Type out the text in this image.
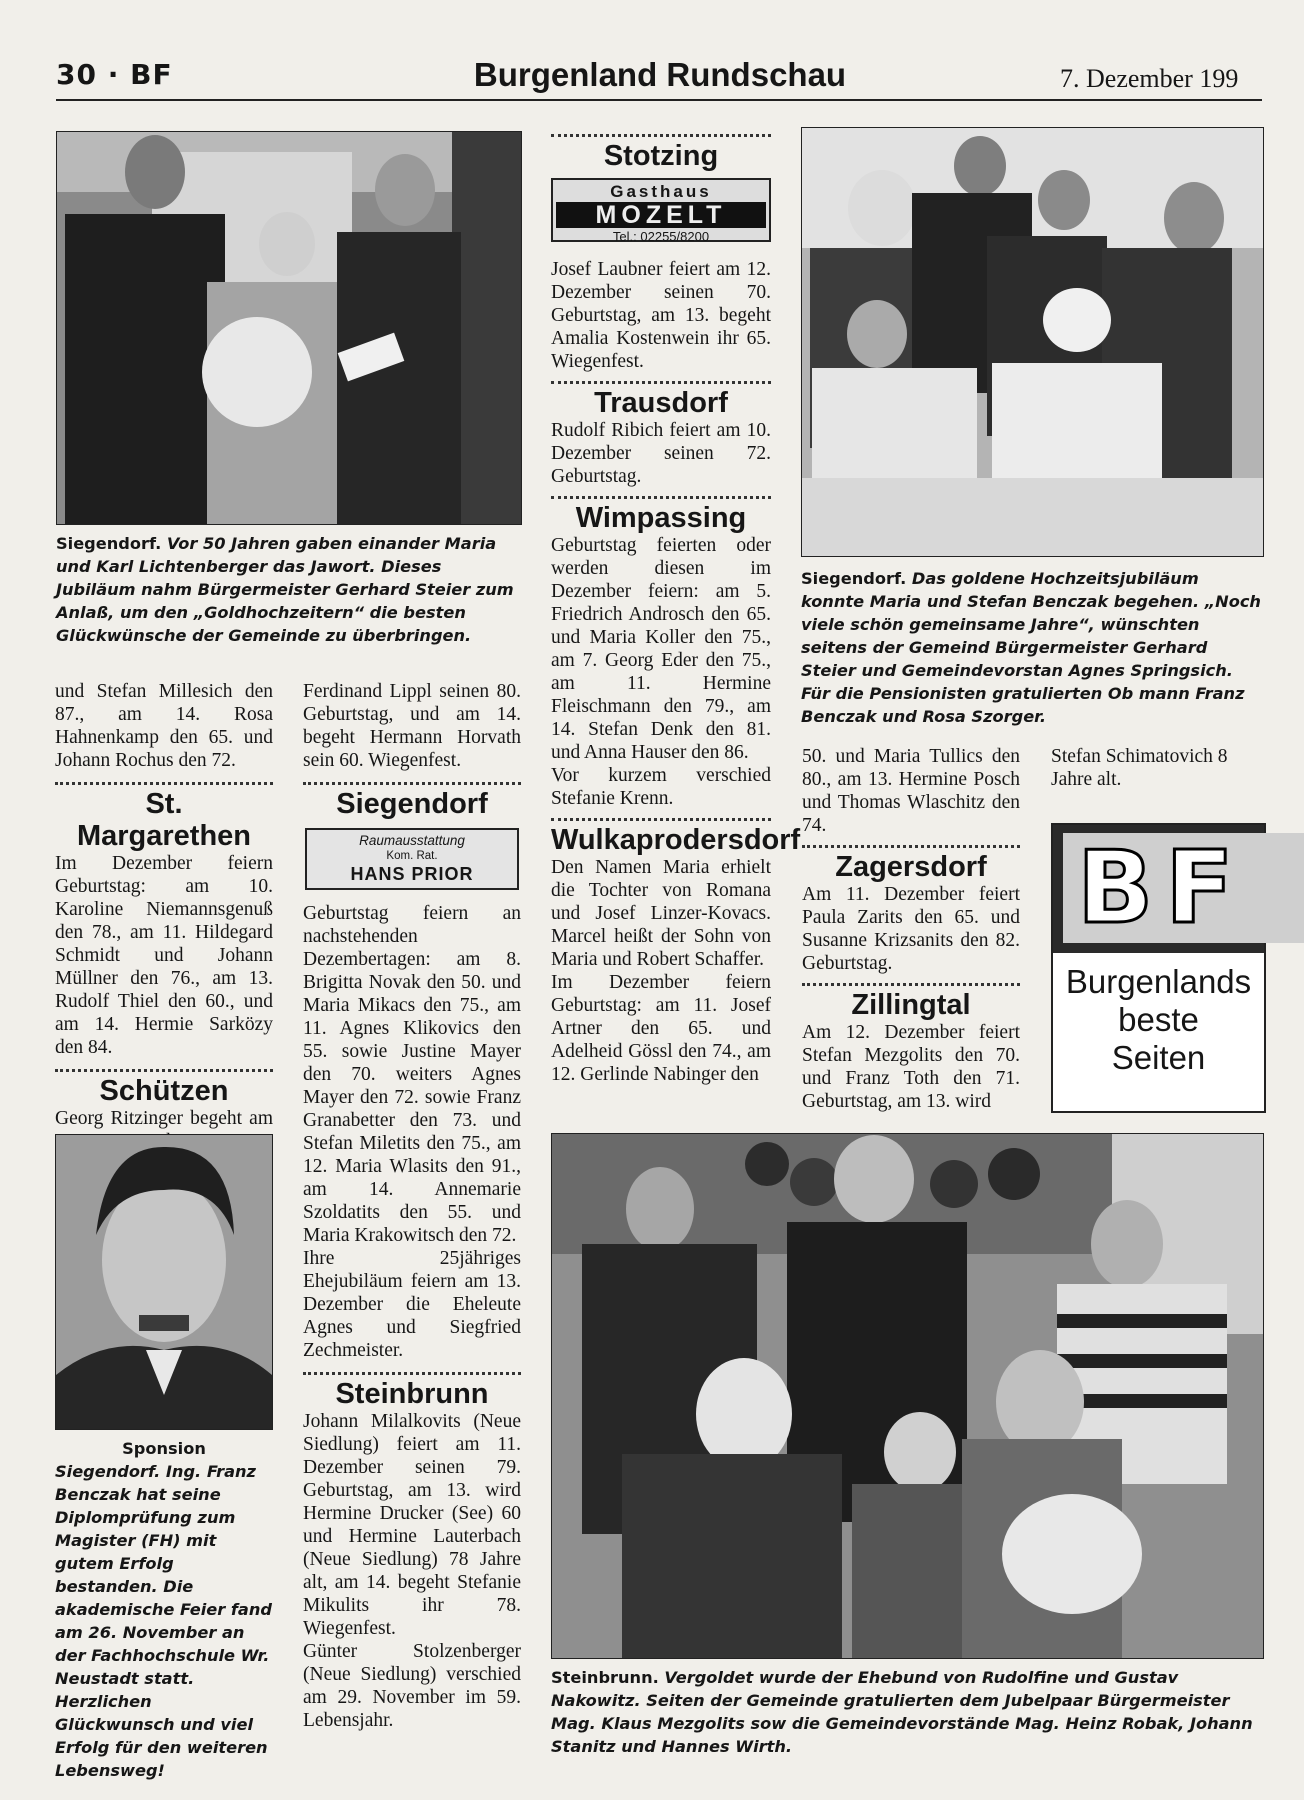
30 · BF	Burgenland Rundschau	7. Dezember 199
Siegendorf. Vor 50 Jahren gaben einander Maria und Karl Lichtenberger das Jawort. Dieses Jubiläum nahm Bürgermeister Gerhard Steier zum Anlaß, um den „Goldhochzeitern“ die besten Glückwünsche der Gemeinde zu überbringen.

und Stefan Millesich den 87., am 14. Rosa Hahnenkamp den 65. und Johann Rochus den 72.

St. Margarethen

Im Dezember feiern Geburtstag: am 10. Karoline Niemannsgenuß den 78., am 11. Hildegard Schmidt und Johann Müllner den 76., am 13. Rudolf Thiel den 60., und am 14. Hermie Sarközy den 84.

Schützen

Georg Ritzinger begeht am

Sponsion
Siegendorf. Ing. Franz Benczak hat seine Diplomprüfung zum Magister (FH) mit gutem Erfolg bestanden. Die akademische Feier fand am 26. November an der Fachhochschule Wr. Neustadt statt. Herzlichen Glückwunsch und viel Erfolg für den weiteren Lebensweg!

Ferdinand Lippl seinen 80. Geburtstag, und am 14. begeht Hermann Horvath sein 60. Wiegenfest.

Siegendorf
Raumausstattung
Kom. Rat.
HANS PRIOR

Geburtstag feiern an nachstehenden Dezembertagen: am 8. Brigitta Novak den 50. und Maria Mikacs den 75., am 11. Agnes Klikovics den 55. sowie Justine Mayer den 70. weiters Agnes Mayer den 72. sowie Franz Granabetter den 73. und Stefan Miletits den 75., am 12. Maria Wlasits den 91., am 14. Annemarie Szoldatits den 55. und Maria Krakowitsch den 72.

Ihre 25jähriges Ehejubiläum feiern am 13. Dezember die Eheleute Agnes und Siegfried Zechmeister.

Steinbrunn

Johann Milalkovits (Neue Siedlung) feiert am 11. Dezember seinen 79. Geburtstag, am 13. wird Hermine Drucker (See) 60 und Hermine Lauterbach (Neue Siedlung) 78 Jahre alt, am 14. begeht Stefanie Mikulits ihr 78. Wiegenfest.

Günter Stolzenberger (Neue Siedlung) verschied am 29. November im 59. Lebensjahr.

Stotzing
Gasthaus
MOZELT
Tel.: 02255/8200

Josef Laubner feiert am 12. Dezember seinen 70. Geburtstag, am 13. begeht Amalia Kostenwein ihr 65. Wiegenfest.

Trausdorf

Rudolf Ribich feiert am 10. Dezember seinen 72. Geburtstag.

Wimpassing

Geburtstag feierten oder werden diesen im Dezember feiern: am 5. Friedrich Androsch den 65. und Maria Koller den 75., am 7. Georg Eder den 75., am 11. Hermine Fleischmann den 79., am 14. Stefan Denk den 81. und Anna Hauser den 86.

Vor kurzem verschied Stefanie Krenn.

Wulkaprodersdorf

Den Namen Maria erhielt die Tochter von Romana und Josef Linzer-Kovacs. Marcel heißt der Sohn von Maria und Robert Schaffer.

Im Dezember feiern Geburtstag: am 11. Josef Artner den 65. und Adelheid Gössl den 74., am 12. Gerlinde Nabinger den

Siegendorf. Das goldene Hochzeitsjubiläum konnte Maria und Stefan Benczak begehen. „Noch viele schön gemeinsame Jahre“, wünschten seitens der Gemeind Bürgermeister Gerhard Steier und Gemeindevorstan Agnes Springsich. Für die Pensionisten gratulierten Ob mann Franz Benczak und Rosa Szorger.

50. und Maria Tullics den 80., am 13. Hermine Posch und Thomas Wlaschitz den 74.

Zagersdorf

Am 11. Dezember feiert Paula Zarits den 65. und Susanne Krizsanits den 82. Geburtstag.

Zillingtal

Am 12. Dezember feiert Stefan Mezgolits den 70. und Franz Toth den 71. Geburtstag, am 13. wird

Stefan Schimatovich 8 Jahre alt.

BF
Burgenlands
beste
Seiten
Steinbrunn. Vergoldet wurde der Ehebund von Rudolfine und Gustav Nakowitz. Seiten der Gemeinde gratulierten dem Jubelpaar Bürgermeister Mag. Klaus Mezgolits sow die Gemeindevorstände Mag. Heinz Robak, Johann Stanitz und Hannes Wirth.
